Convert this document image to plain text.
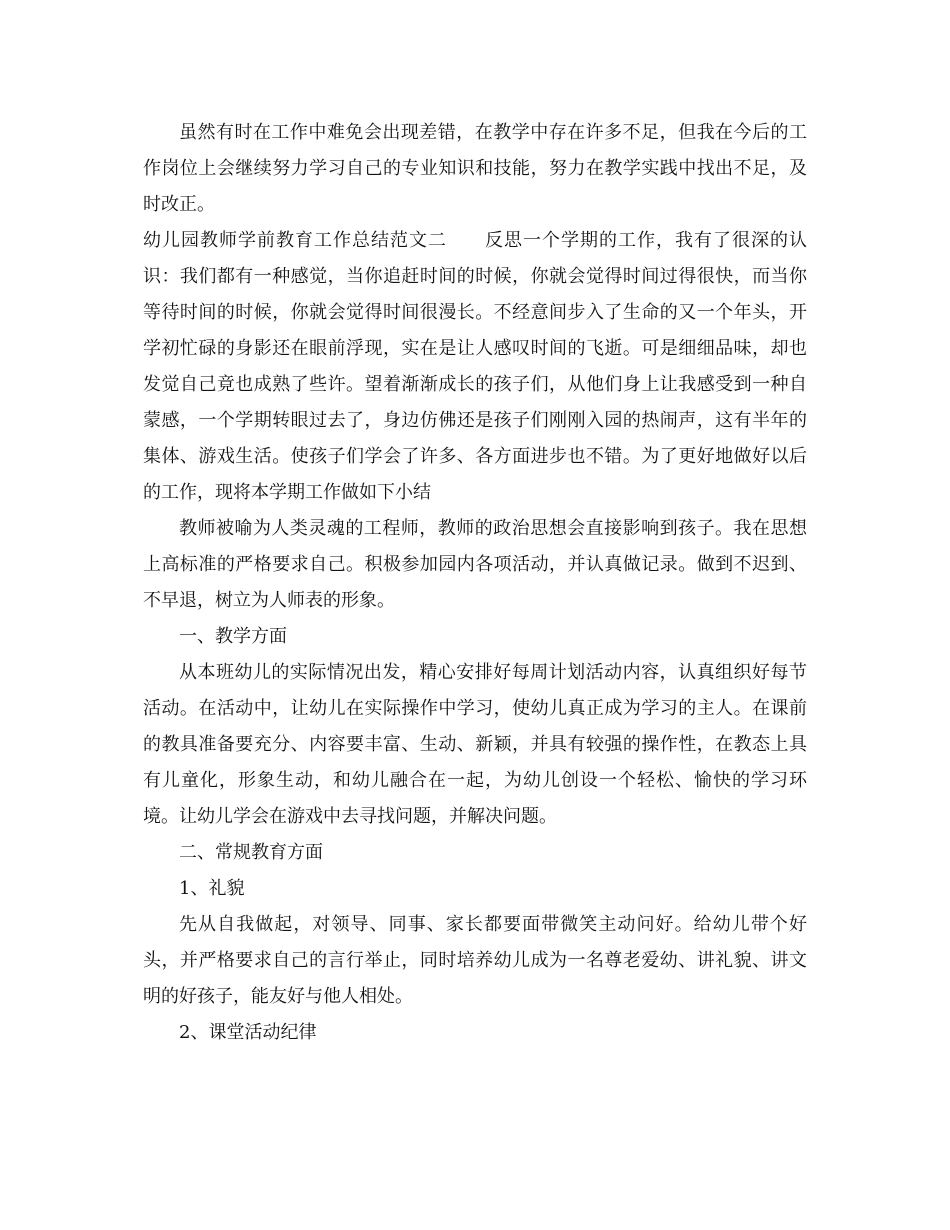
虽然有时在工作中难免会出现差错，在教学中存在许多不足，但我在今后的工作岗位上会继续努力学习自己的专业知识和技能，努力在教学实践中找出不足，及时改正。

幼儿园教师学前教育工作总结范文二　　反思一个学期的工作，我有了很深的认识：我们都有一种感觉，当你追赶时间的时候，你就会觉得时间过得很快，而当你等待时间的时候，你就会觉得时间很漫长。不经意间步入了生命的又一个年头，开学初忙碌的身影还在眼前浮现，实在是让人感叹时间的飞逝。可是细细品味，却也发觉自己竟也成熟了些许。望着渐渐成长的孩子们，从他们身上让我感受到一种自蒙感，一个学期转眼过去了，身边仿佛还是孩子们刚刚入园的热闹声，这有半年的集体、游戏生活。使孩子们学会了许多、各方面进步也不错。为了更好地做好以后的工作，现将本学期工作做如下小结

教师被喻为人类灵魂的工程师，教师的政治思想会直接影响到孩子。我在思想上高标准的严格要求自己。积极参加园内各项活动，并认真做记录。做到不迟到、不早退，树立为人师表的形象。

一、教学方面

从本班幼儿的实际情况出发，精心安排好每周计划活动内容，认真组织好每节活动。在活动中，让幼儿在实际操作中学习，使幼儿真正成为学习的主人。在课前的教具准备要充分、内容要丰富、生动、新颖，并具有较强的操作性，在教态上具有儿童化，形象生动，和幼儿融合在一起，为幼儿创设一个轻松、愉快的学习环境。让幼儿学会在游戏中去寻找问题，并解决问题。

二、常规教育方面

1、礼貌

先从自我做起，对领导、同事、家长都要面带微笑主动问好。给幼儿带个好头，并严格要求自己的言行举止，同时培养幼儿成为一名尊老爱幼、讲礼貌、讲文明的好孩子，能友好与他人相处。

2、课堂活动纪律
